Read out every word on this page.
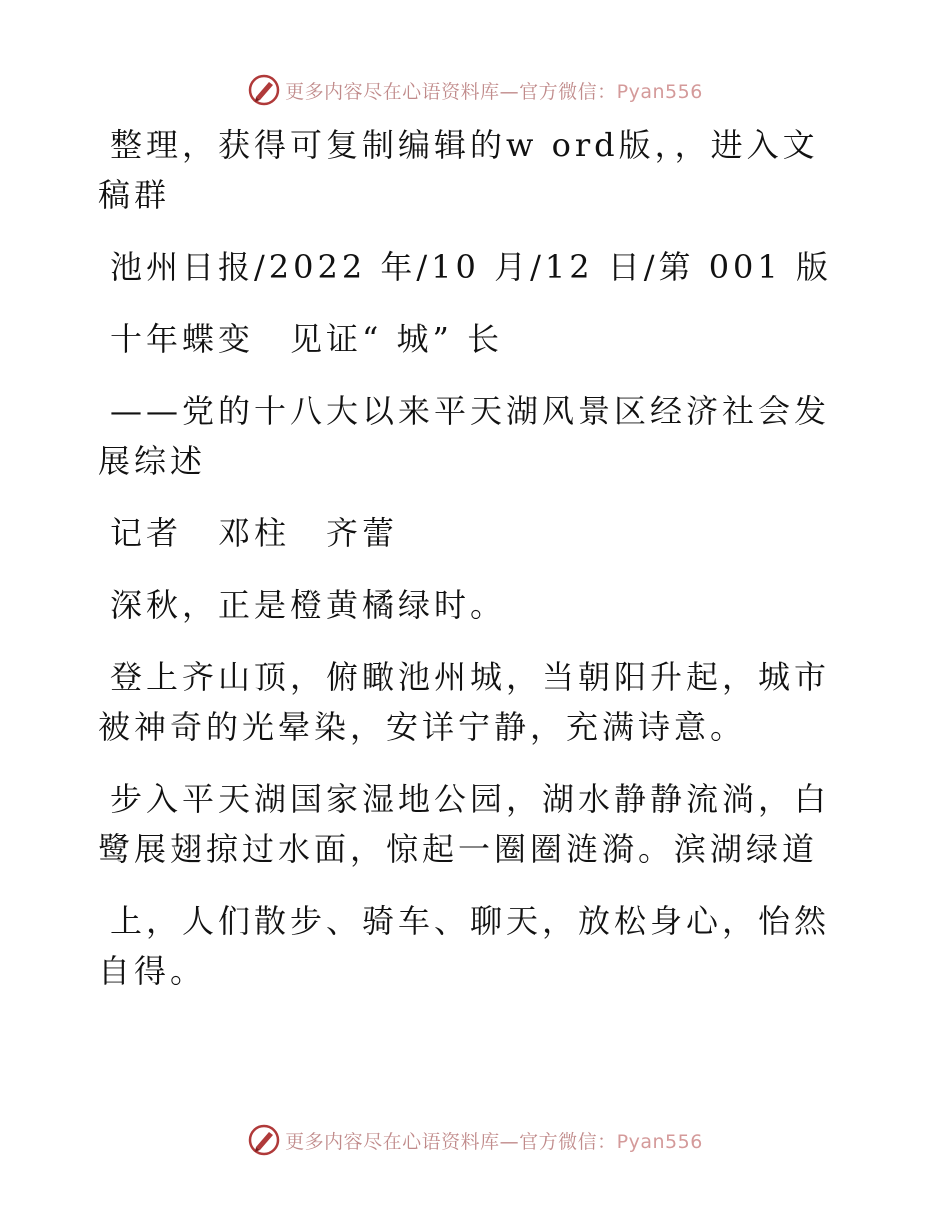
更多内容尽在心语资料库—官方微信：Pyan556

整理，获得可复制编辑的w ord版，，进入文稿群

池州日报/2022 年/10 月/12 日/第 001 版

十年蝶变　见证“ 城” 长

——党的十八大以来平天湖风景区经济社会发展综述

记者　邓柱　齐蕾

深秋，正是橙黄橘绿时。

登上齐山顶，俯瞰池州城，当朝阳升起，城市被神奇的光晕染，安详宁静，充满诗意。

步入平天湖国家湿地公园，湖水静静流淌，白鹭展翅掠过水面，惊起一圈圈涟漪。滨湖绿道

上，人们散步、骑车、聊天，放松身心，怡然自得。

更多内容尽在心语资料库—官方微信：Pyan556
